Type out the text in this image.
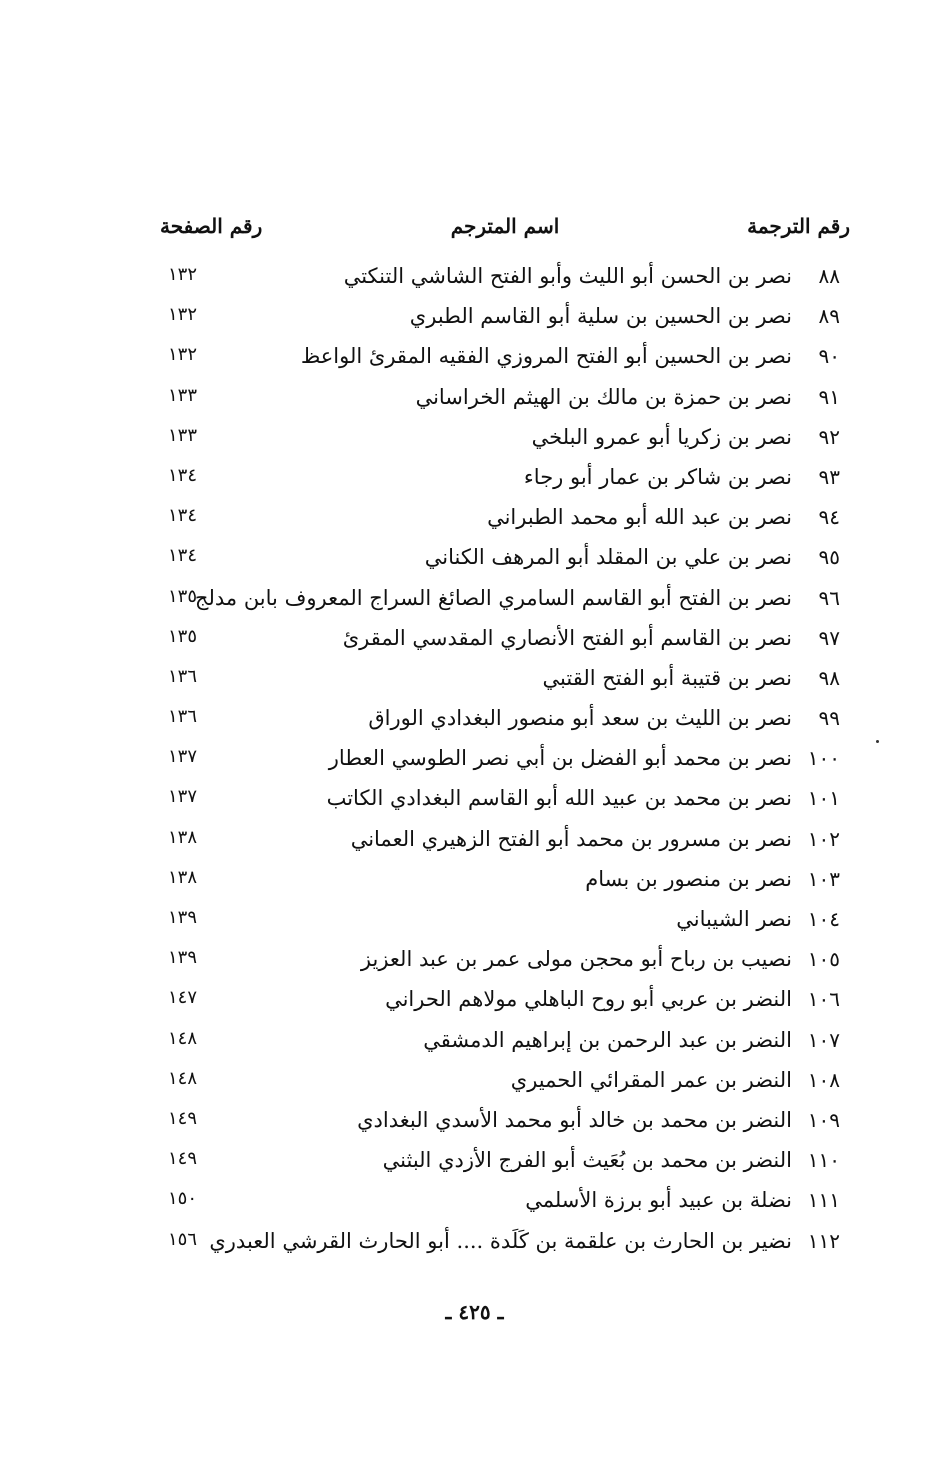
رقم الترجمة
اسم المترجم
رقم الصفحة
٨٨
نصر بن الحسن أبو الليث وأبو الفتح الشاشي التنكتي
١٣٢
٨٩
نصر بن الحسين بن سلية أبو القاسم الطبري
١٣٢
٩٠
نصر بن الحسين أبو الفتح المروزي الفقيه المقرئ الواعظ
١٣٢
٩١
نصر بن حمزة بن مالك بن الهيثم الخراساني
١٣٣
٩٢
نصر بن زكريا أبو عمرو البلخي
١٣٣
٩٣
نصر بن شاكر بن عمار أبو رجاء
١٣٤
٩٤
نصر بن عبد الله أبو محمد الطبراني
١٣٤
٩٥
نصر بن علي بن المقلد أبو المرهف الكناني
١٣٤
٩٦
نصر بن الفتح أبو القاسم السامري الصائغ السراج المعروف بابن مدلج
١٣٥
٩٧
نصر بن القاسم أبو الفتح الأنصاري المقدسي المقرئ
١٣٥
٩٨
نصر بن قتيبة أبو الفتح القتبي
١٣٦
٩٩
نصر بن الليث بن سعد أبو منصور البغدادي الوراق
١٣٦
١٠٠
نصر بن محمد أبو الفضل بن أبي نصر الطوسي العطار
١٣٧
١٠١
نصر بن محمد بن عبيد الله أبو القاسم البغدادي الكاتب
١٣٧
١٠٢
نصر بن مسرور بن محمد أبو الفتح الزهيري العماني
١٣٨
١٠٣
نصر بن منصور بن بسام
١٣٨
١٠٤
نصر الشيباني
١٣٩
١٠٥
نصيب بن رباح أبو محجن مولى عمر بن عبد العزيز
١٣٩
١٠٦
النضر بن عربي أبو روح الباهلي مولاهم الحراني
١٤٧
١٠٧
النضر بن عبد الرحمن بن إبراهيم الدمشقي
١٤٨
١٠٨
النضر بن عمر المقرائي الحميري
١٤٨
١٠٩
النضر بن محمد بن خالد أبو محمد الأسدي البغدادي
١٤٩
١١٠
النضر بن محمد بن بُعَيث أبو الفرج الأزدي البثني
١٤٩
١١١
نضلة بن عبيد أبو برزة الأسلمي
١٥٠
١١٢
نضير بن الحارث بن علقمة بن كَلَدة .... أبو الحارث القرشي العبدري
١٥٦
ـ ٤٢٥ ـ
